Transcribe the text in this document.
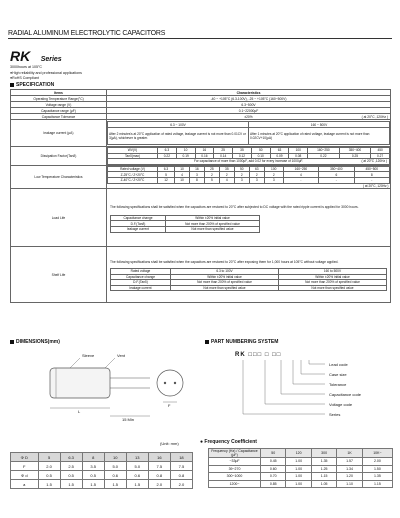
RADIAL ALUMINUM ELECTROLYTIC CAPACITORS
RK Series
3000hours at 105°C
●High reliability and professional applications
●RoHS Compliant
SPECIFICATION
Items	Characteristics
Operating Temperature Range(°C)	-40 ~ +105°C (6.3-100V), -25 ~ +105°C (160~500V)
Voltage range (V)	6.3~500V
Capacitance range (μF)	0.1~22000μF
Capacitance Tolerance	±20%	( at 20°C ,120Hz )

leakage current (μA)	
6.3 ~ 100V	160 ~ 500V
After 2 minutes's at 20°C application of rated voltage, leakage current is not more than 0.01CV or 3(μA), whichever is greater.	After 1 minutes at 20°C application of rated voltage, leakage current is not more than 0.02CV+10(μA)

Dissipation Factor(Tanδ)	
WV(V)	6.3	10	16	25	35	50	63	100	160~250	350~400	450
Tanδ(max)	0.22	0.19	0.16	0.14	0.12	0.10	0.09	0.08	0.22	0.25	0.27
For capacitance of more than 1000μF, add 0.02 for every increase of 1000μF.	( at 20°C ,120Hz )

Low Temperature Characteristics	
Rated voltage (V)	6.3	10	16	25	35	50	63	100	160~250	350~400	450~500
Z-25°C / Z+20°C	5	4	3	2	2	2	2	2	4	6	8
Z-40°C / Z+20°C	12	10	8	5	4	3	3	3	-	-	-
( at 20°C, 120Hz )

Load Life	
The following specifications shall be satisfied when the capacitors are restored to 20°C after subjected to DC voltage with the rated ripple current is applied for 3000 hours.
Capacitance change	Within ±20% initial value
D.F.(Tanδ)	Not more than 200% of specified value
leakage current	Not more than specified value

Shelf Life	
The following specifications shall be satisfied when the capacitors are restored to 20°C after exposing them for 1,000 hours at 105°C without voltage applied.
Rated voltage	6.3 to 100V	160 to 500V
Capacitance change	Within ±20% initial value	Within ±20% initial value
D.F.(Tanδ)	Not more than 200% of specified value	Not more than 200% of specified value
leakage current	Not more than specified value	Not more than specified value
DIMENSIONS(mm)	PART NUMBERING SYSTEM
Sleeve	Vent
L
F
15 Min
RK □□□ □ □□
Lead code
Case size
Tolerance
Capacitance code
Voltage code
Series
(Unit: mm)
Φ D	5	6.3	8	10	13	16	18
F	2.0	2.5	3.5	5.0	5.0	7.5	7.5
Φ d	0.5	0.5	0.5	0.6	0.6	0.8	0.8
a	1.5	1.5	1.5	1.5	1.5	2.0	2.0
● Frequency Coefficient
Frequency (Hz) / Capacitance (μF)	50	120	300	1K	10K~
~33μF	0.45	1.00	1.35	1.57	2.00
39~270	0.60	1.00	1.25	1.34	1.50
300~1000	0.70	1.00	1.15	1.20	1.35
1200~	0.85	1.00	1.05	1.10	1.15
